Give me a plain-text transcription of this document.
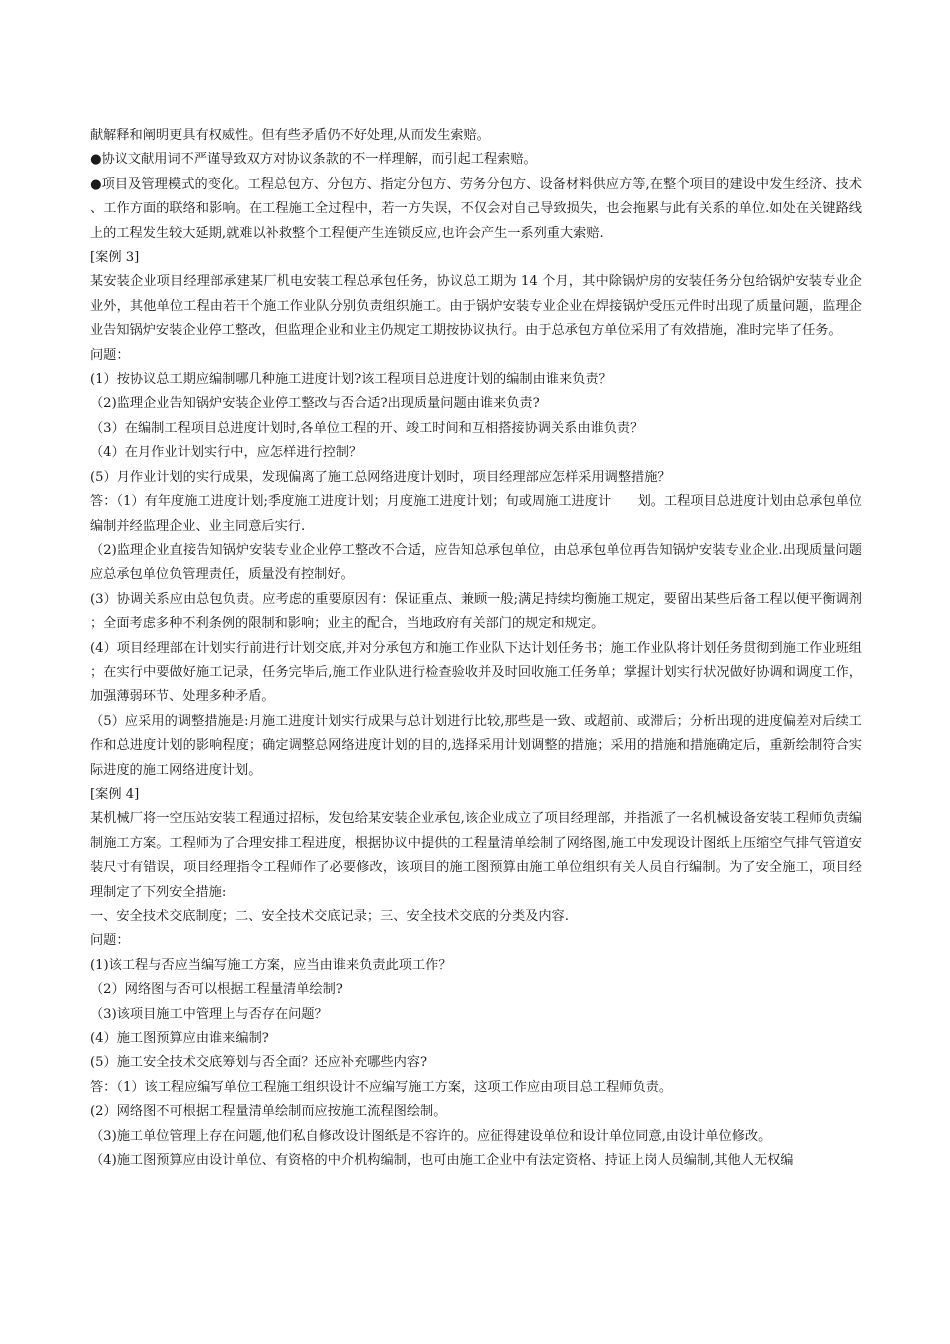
献解释和阐明更具有权威性。但有些矛盾仍不好处理,从而发生索赔。

●协议文献用词不严谨导致双方对协议条款的不一样理解，而引起工程索赔。

●项目及管理模式的变化。工程总包方、分包方、指定分包方、劳务分包方、设备材料供应方等,在整个项目的建设中发生经济、技术、工作方面的联络和影响。在工程施工全过程中，若一方失误，不仅会对自己导致损失，也会拖累与此有关系的单位.如处在关键路线上的工程发生较大延期,就难以补救整个工程便产生连锁反应,也许会产生一系列重大索赔.

[案例 3]

某安装企业项目经理部承建某厂机电安装工程总承包任务，协议总工期为 14 个月，其中除锅炉房的安装任务分包给锅炉安装专业企业外，其他单位工程由若干个施工作业队分别负责组织施工。由于锅炉安装专业企业在焊接锅炉受压元件时出现了质量问题，监理企业告知锅炉安装企业停工整改，但监理企业和业主仍规定工期按协议执行。由于总承包方单位采用了有效措施，准时完毕了任务。

问题：

(1）按协议总工期应编制哪几种施工进度计划?该工程项目总进度计划的编制由谁来负责？

（2)监理企业告知锅炉安装企业停工整改与否合适?出现质量问题由谁来负责?

（3）在编制工程项目总进度计划时,各单位工程的开、竣工时间和互相搭接协调关系由谁负责？

（4）在月作业计划实行中，应怎样进行控制？

(5）月作业计划的实行成果，发现偏离了施工总网络进度计划时，项目经理部应怎样采用调整措施？

答：（1）有年度施工进度计划;季度施工进度计划；月度施工进度计划；旬或周施工进度计　　划。工程项目总进度计划由总承包单位编制并经监理企业、业主同意后实行.

（2)监理企业直接告知锅炉安装专业企业停工整改不合适，应告知总承包单位，由总承包单位再告知锅炉安装专业企业.出现质量问题应总承包单位负管理责任，质量没有控制好。

(3）协调关系应由总包负责。应考虑的重要原因有：保证重点、兼顾一般;满足持续均衡施工规定，要留出某些后备工程以便平衡调剂；全面考虑多种不利条例的限制和影响；业主的配合，当地政府有关部门的规定和规定。

(4）项目经理部在计划实行前进行计划交底,并对分承包方和施工作业队下达计划任务书；施工作业队将计划任务贯彻到施工作业班组；在实行中要做好施工记录，任务完毕后,施工作业队进行检查验收并及时回收施工任务单；掌握计划实行状况做好协调和调度工作，加强薄弱环节、处理多种矛盾。

（5）应采用的调整措施是:月施工进度计划实行成果与总计划进行比较,那些是一致、或超前、或滞后；分析出现的进度偏差对后续工作和总进度计划的影响程度；确定调整总网络进度计划的目的,选择采用计划调整的措施；采用的措施和措施确定后，重新绘制符合实际进度的施工网络进度计划。

[案例 4]

某机械厂将一空压站安装工程通过招标，发包给某安装企业承包,该企业成立了项目经理部，并指派了一名机械设备安装工程师负责编制施工方案。工程师为了合理安排工程进度，根据协议中提供的工程量清单绘制了网络图,施工中发现设计图纸上压缩空气排气管道安装尺寸有错误，项目经理指令工程师作了必要修改，该项目的施工图预算由施工单位组织有关人员自行编制。为了安全施工，项目经理制定了下列安全措施:

一、安全技术交底制度；二、安全技术交底记录；三、安全技术交底的分类及内容.

问题：

(1)该工程与否应当编写施工方案，应当由谁来负责此项工作？

（2）网络图与否可以根据工程量清单绘制?

（3)该项目施工中管理上与否存在问题？

(4）施工图预算应由谁来编制?

(5）施工安全技术交底筹划与否全面？还应补充哪些内容?

答：（1）该工程应编写单位工程施工组织设计不应编写施工方案，这项工作应由项目总工程师负责。

(2）网络图不可根据工程量清单绘制而应按施工流程图绘制。

（3)施工单位管理上存在问题,他们私自修改设计图纸是不容许的。应征得建设单位和设计单位同意,由设计单位修改。

（4)施工图预算应由设计单位、有资格的中介机构编制，也可由施工企业中有法定资格、持证上岗人员编制,其他人无权编
